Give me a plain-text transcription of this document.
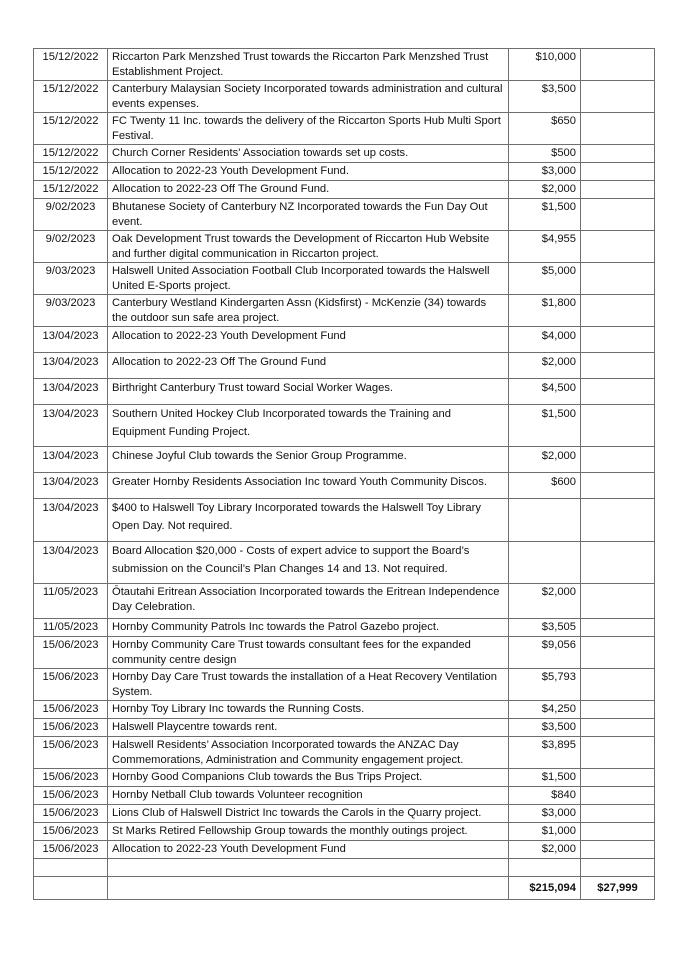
15/12/2022	Riccarton Park Menzshed Trust towards the Riccarton Park Menzshed Trust Establishment Project.	$10,000	
15/12/2022	Canterbury Malaysian Society Incorporated towards administration and cultural events expenses.	$3,500	
15/12/2022	FC Twenty 11 Inc. towards the delivery of the Riccarton Sports Hub Multi Sport Festival.	$650	
15/12/2022	Church Corner Residents' Association towards set up costs.	$500	
15/12/2022	Allocation to 2022-23 Youth Development Fund.	$3,000	
15/12/2022	Allocation to 2022-23 Off The Ground Fund.	$2,000	
9/02/2023	Bhutanese Society of Canterbury NZ Incorporated towards the Fun Day Out event.	$1,500	
9/02/2023	Oak Development Trust towards the Development of Riccarton Hub Website and further digital communication in Riccarton project.	$4,955	
9/03/2023	Halswell United Association Football Club Incorporated towards the Halswell United E-Sports project.	$5,000	
9/03/2023	Canterbury Westland Kindergarten Assn (Kidsfirst) - McKenzie (34) towards the outdoor sun safe area project.	$1,800	
13/04/2023	Allocation to 2022-23 Youth Development Fund	$4,000	
13/04/2023	Allocation to 2022-23 Off The Ground Fund	$2,000	
13/04/2023	Birthright Canterbury Trust toward Social Worker Wages.	$4,500	
13/04/2023	Southern United Hockey Club Incorporated towards the Training and Equipment Funding Project.	$1,500	
13/04/2023	Chinese Joyful Club towards the Senior Group Programme.	$2,000	
13/04/2023	Greater Hornby Residents Association Inc toward Youth Community Discos.	$600	
13/04/2023	$400 to Halswell Toy Library Incorporated towards the Halswell Toy Library Open Day. Not required.		
13/04/2023	Board Allocation $20,000 - Costs of expert advice to support the Board’s submission on the Council’s Plan Changes 14 and 13. Not required.		
11/05/2023	Ōtautahi Eritrean Association Incorporated towards the Eritrean Independence Day Celebration.	$2,000	
11/05/2023	Hornby Community Patrols Inc towards the Patrol Gazebo project.	$3,505	
15/06/2023	Hornby Community Care Trust towards consultant fees for the expanded community centre design	$9,056	
15/06/2023	Hornby Day Care Trust towards the installation of a Heat Recovery Ventilation System.	$5,793	
15/06/2023	Hornby Toy Library Inc towards the Running Costs.	$4,250	
15/06/2023	Halswell Playcentre towards rent.	$3,500	
15/06/2023	Halswell Residents’ Association Incorporated towards the ANZAC Day Commemorations, Administration and Community engagement project.	$3,895	
15/06/2023	Hornby Good Companions Club towards the Bus Trips Project.	$1,500	
15/06/2023	Hornby Netball Club towards Volunteer recognition	$840	
15/06/2023	Lions Club of Halswell District Inc towards the Carols in the Quarry project.	$3,000	
15/06/2023	St Marks Retired Fellowship Group towards the monthly outings project.	$1,000	
15/06/2023	Allocation to 2022-23 Youth Development Fund	$2,000	

		$215,094	$27,999
